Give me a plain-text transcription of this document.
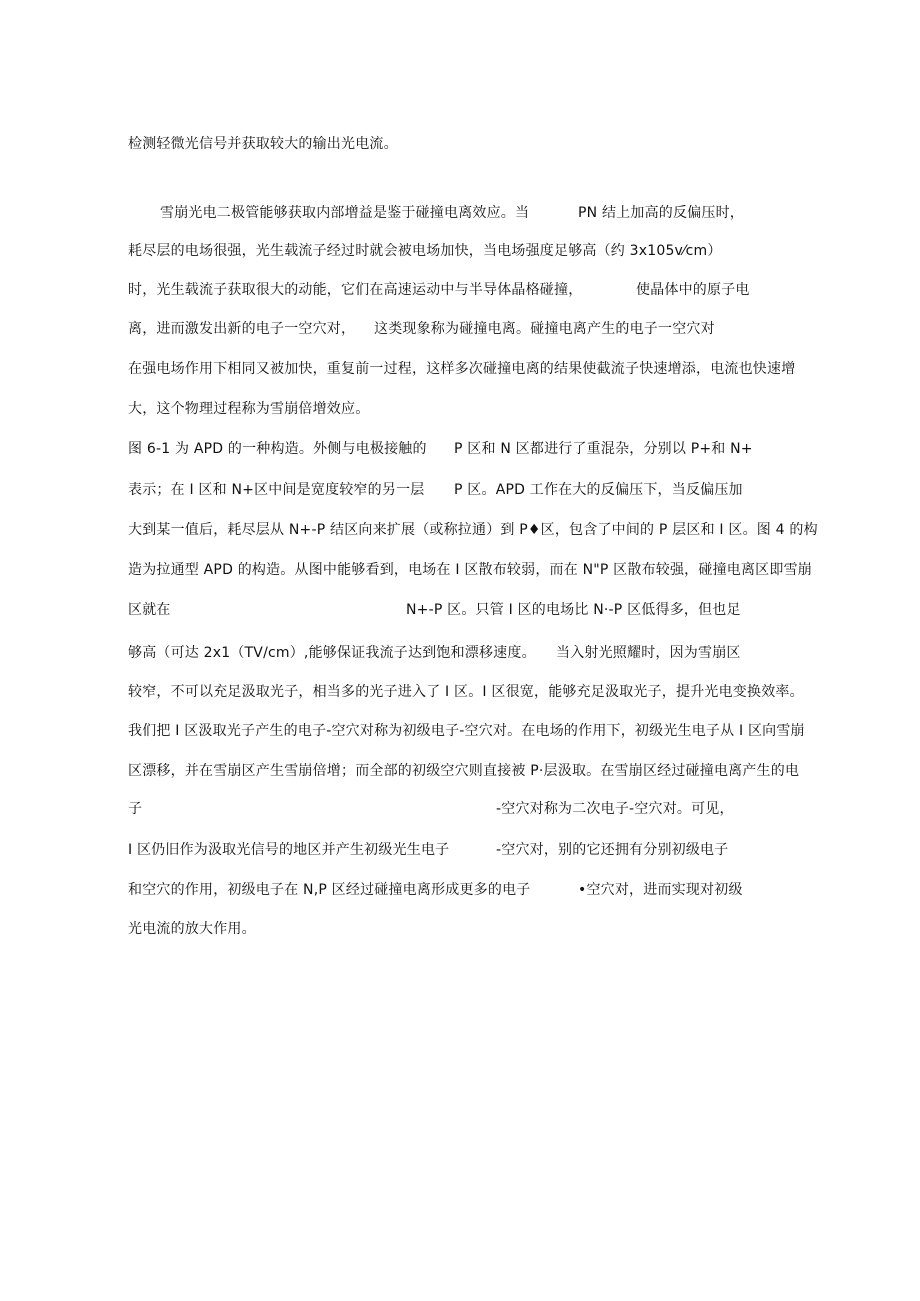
检测轻微光信号并获取较大的输出光电流。
雪崩光电二极管能够获取内部增益是鉴于碰撞电离效应。当	PN 结上加高的反偏压时，
耗尽层的电场很强，光生载流子经过时就会被电场加快，当电场强度足够高（约 3x105v⁄cm）
时，光生载流子获取很大的动能，它们在高速运动中与半导体晶格碰撞，	使晶体中的原子电
离，进而激发出新的电子一空穴对， 这类现象称为碰撞电离。碰撞电离产生的电子一空穴对
在强电场作用下相同又被加快，重复前一过程，这样多次碰撞电离的结果使截流子快速增添，电流也快速增
大，这个物理过程称为雪崩倍增效应。
图 6-1 为 APD 的一种构造。外侧与电极接触的 P 区和 N 区都进行了重混杂，分别以 P+和 N+
表示；在 I 区和 N+区中间是宽度较窄的另一层 P 区。APD 工作在大的反偏压下，当反偏压加
大到某一值后，耗尽层从 N+-P 结区向来扩展（或称拉通）到 P♦区，包含了中间的 P 层区和 I 区。图 4 的构
造为拉通型 APD 的构造。从图中能够看到，电场在 I 区散布较弱，而在 N"P 区散布较强，碰撞电离区即雪崩
区就在	N+-P 区。只管 I 区的电场比 N·-P 区低得多，但也足
够高（可达 2x1（TV/cm）,能够保证我流子达到饱和漂移速度。 当入射光照耀时，因为雪崩区
较窄，不可以充足汲取光子，相当多的光子进入了 I 区。I 区很宽，能够充足汲取光子，提升光电变换效率。
我们把 I 区汲取光子产生的电子-空穴对称为初级电子-空穴对。在电场的作用下，初级光生电子从 I 区向雪崩
区漂移，并在雪崩区产生雪崩倍增；而全部的初级空穴则直接被 P·层汲取。在雪崩区经过碰撞电离产生的电
子	-空穴对称为二次电子-空穴对。可见，
I 区仍旧作为汲取光信号的地区并产生初级光生电子	-空穴对，别的它还拥有分别初级电子
和空穴的作用，初级电子在 N,P 区经过碰撞电离形成更多的电子	•空穴对，进而实现对初级
光电流的放大作用。
